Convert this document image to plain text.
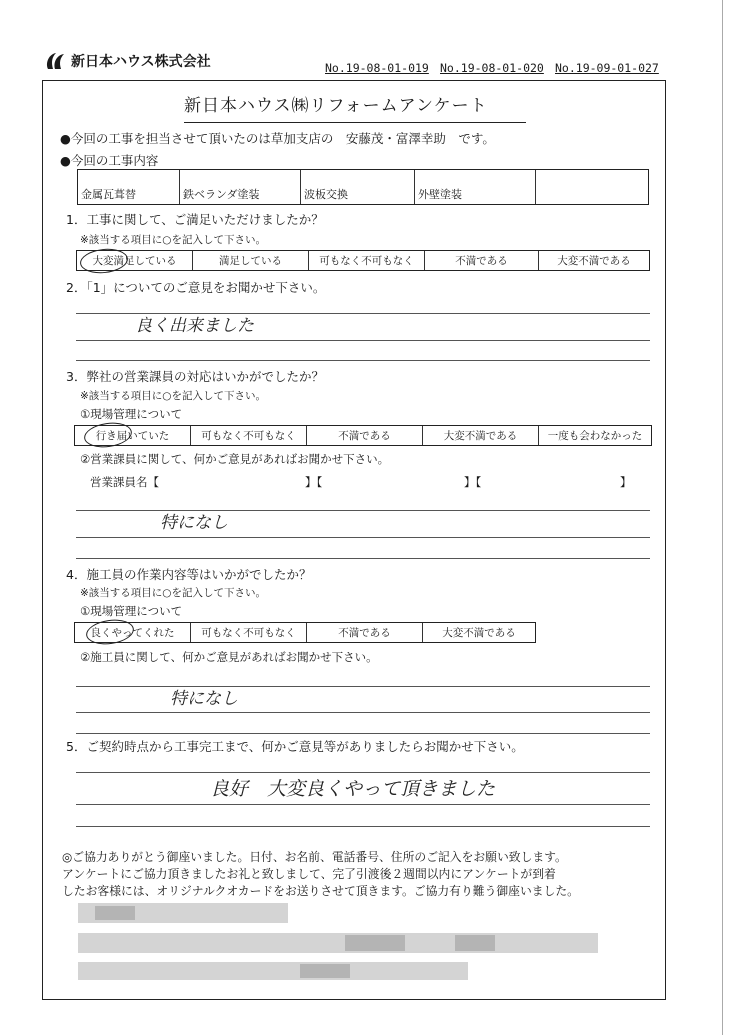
新日本ハウス株式会社	No.19-08-01-019 No.19-08-01-020 No.19-09-01-027
新日本ハウス㈱リフォームアンケート
●今回の工事を担当させて頂いたのは草加支店の　安藤茂・富澤幸助　です。
●今回の工事内容
金属瓦葺替	鉄ベランダ塗装	波板交換	外壁塗装
1．工事に関して、ご満足いただけましたか？
※該当する項目に○を記入して下さい。
大変満足している	満足している	可もなく不可もなく	不満である	大変不満である
2．「1」についてのご意見をお聞かせ下さい。
良く出来ました
3．弊社の営業課員の対応はいかがでしたか？
※該当する項目に○を記入して下さい。
①現場管理について
行き届いていた	可もなく不可もなく	不満である	大変不満である	一度も会わなかった
②営業課員に関して、何かご意見があればお聞かせ下さい。
営業課員名【	】【	】【	】
特になし
4．施工員の作業内容等はいかがでしたか？
※該当する項目に○を記入して下さい。
①現場管理について
良くやってくれた	可もなく不可もなく	不満である	大変不満である
②施工員に関して、何かご意見があればお聞かせ下さい。
特になし
5．ご契約時点から工事完工まで、何かご意見等がありましたらお聞かせ下さい。
良好　大変良くやって頂きました
◎ご協力ありがとう御座いました。日付、お名前、電話番号、住所のご記入をお願い致します。
アンケートにご協力頂きましたお礼と致しまして、完了引渡後２週間以内にアンケートが到着
したお客様には、オリジナルクオカードをお送りさせて頂きます。ご協力有り難う御座いました。
